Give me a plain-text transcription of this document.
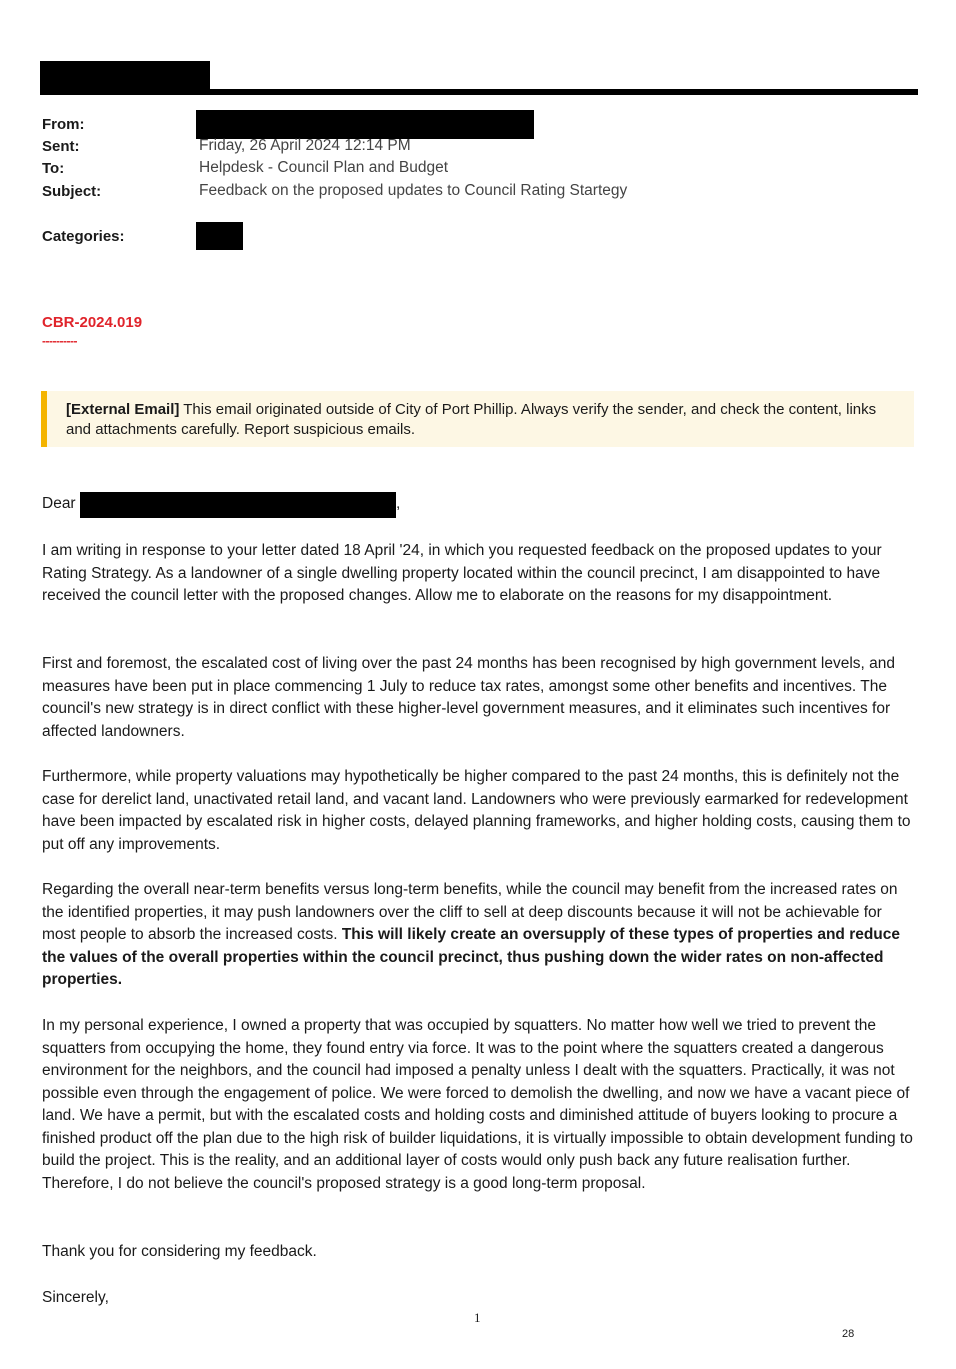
From:
Sent:	Friday, 26 April 2024 12:14 PM
To:	Helpdesk - Council Plan and Budget
Subject:	Feedback on the proposed updates to Council Rating Startegy
Categories:
CBR-2024.019
----------
[External Email] This email originated outside of City of Port Phillip. Always verify the sender, and check the content, links and attachments carefully. Report suspicious emails.
Dear	,
I am writing in response to your letter dated 18 April '24, in which you requested feedback on the proposed updates to your Rating Strategy. As a landowner of a single dwelling property located within the council precinct, I am disappointed to have received the council letter with the proposed changes. Allow me to elaborate on the reasons for my disappointment.
First and foremost, the escalated cost of living over the past 24 months has been recognised by high government levels, and measures have been put in place commencing 1 July to reduce tax rates, amongst some other benefits and incentives. The council's new strategy is in direct conflict with these higher-level government measures, and it eliminates such incentives for affected landowners.
Furthermore, while property valuations may hypothetically be higher compared to the past 24 months, this is definitely not the case for derelict land, unactivated retail land, and vacant land. Landowners who were previously earmarked for redevelopment have been impacted by escalated risk in higher costs, delayed planning frameworks, and higher holding costs, causing them to put off any improvements.
Regarding the overall near-term benefits versus long-term benefits, while the council may benefit from the increased rates on the identified properties, it may push landowners over the cliff to sell at deep discounts because it will not be achievable for most people to absorb the increased costs. This will likely create an oversupply of these types of properties and reduce the values of the overall properties within the council precinct, thus pushing down the wider rates on non-affected properties.
In my personal experience, I owned a property that was occupied by squatters. No matter how well we tried to prevent the squatters from occupying the home, they found entry via force. It was to the point where the squatters created a dangerous environment for the neighbors, and the council had imposed a penalty unless I dealt with the squatters. Practically, it was not possible even through the engagement of police. We were forced to demolish the dwelling, and now we have a vacant piece of land. We have a permit, but with the escalated costs and holding costs and diminished attitude of buyers looking to procure a finished product off the plan due to the high risk of builder liquidations, it is virtually impossible to obtain development funding to build the project. This is the reality, and an additional layer of costs would only push back any future realisation further. Therefore, I do not believe the council's proposed strategy is a good long-term proposal.
Thank you for considering my feedback.
Sincerely,
1
28
